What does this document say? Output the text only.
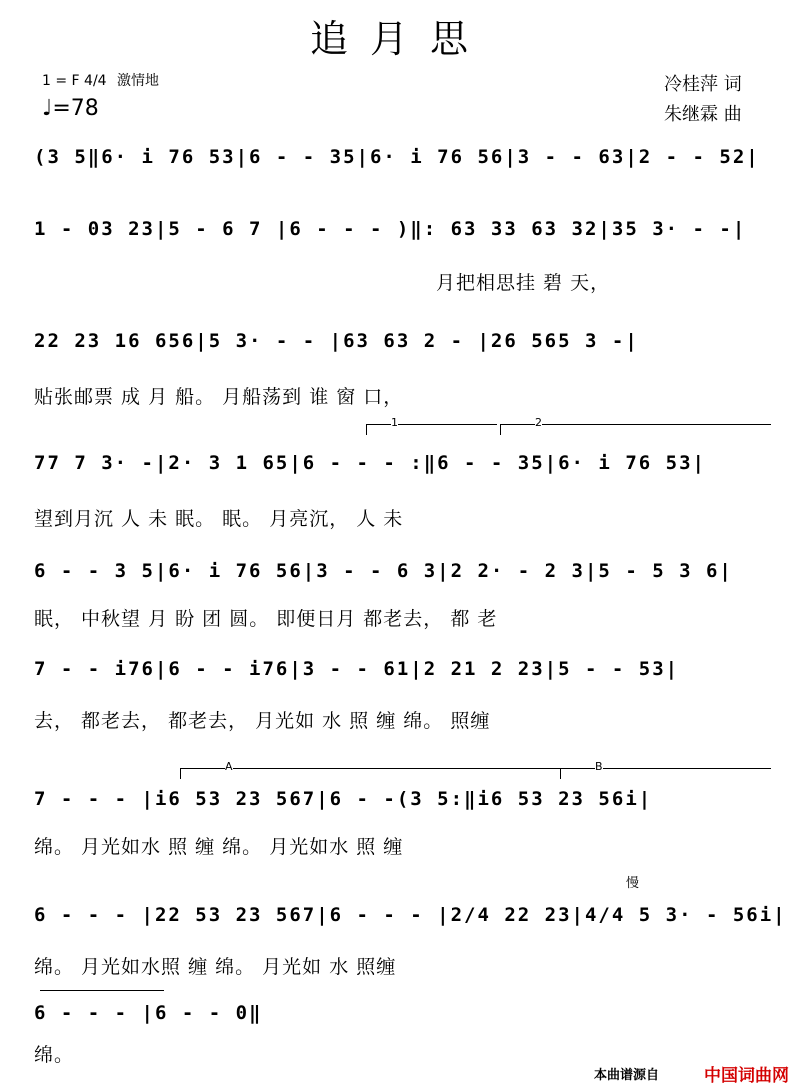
追月思
1 = F 4/4 激情地
♩=78
冷桂萍 词
朱继霖 曲
(3 5‖6· i 76 53|6 - - 35|6· i 76 56|3 - - 63|2 - - 52|
1 - 03 23|5 - 6 7 |6 - - - )‖: 63 33 63 32|35 3· - -|
月把相思挂 碧 天，
22 23 16 656|5 3· - - |63 63 2 - |26 565 3 -|
贴张邮票 成 月 船。 月船荡到 谁 窗 口，
1	2
77 7 3· -|2· 3 1 65|6 - - - :‖6 - - 35|6· i 76 53|
望到月沉 人 未 眠。 眠。 月亮沉， 人 未
6 - - 3 5|6· i 76 56|3 - - 6 3|2 2· - 2 3|5 - 5 3 6|
眠， 中秋望 月 盼 团 圆。 即便日月 都老去， 都 老
7 - - i76|6 - - i76|3 - - 61|2 21 2 23|5 - - 53|
去， 都老去， 都老去， 月光如 水 照 缠 绵。 照缠
A	B
7 - - - |i6 53 23 567|6 - -(3 5:‖i6 53 23 56i|
绵。 月光如水 照 缠 绵。 月光如水 照 缠
慢
6 - - - |22 53 23 567|6 - - - |2/4 22 23|4/4 5 3· - 56i|
绵。 月光如水照 缠 绵。 月光如 水 照缠
6 - - - |6 - - 0‖
绵。
本曲谱源自	中国词曲网
